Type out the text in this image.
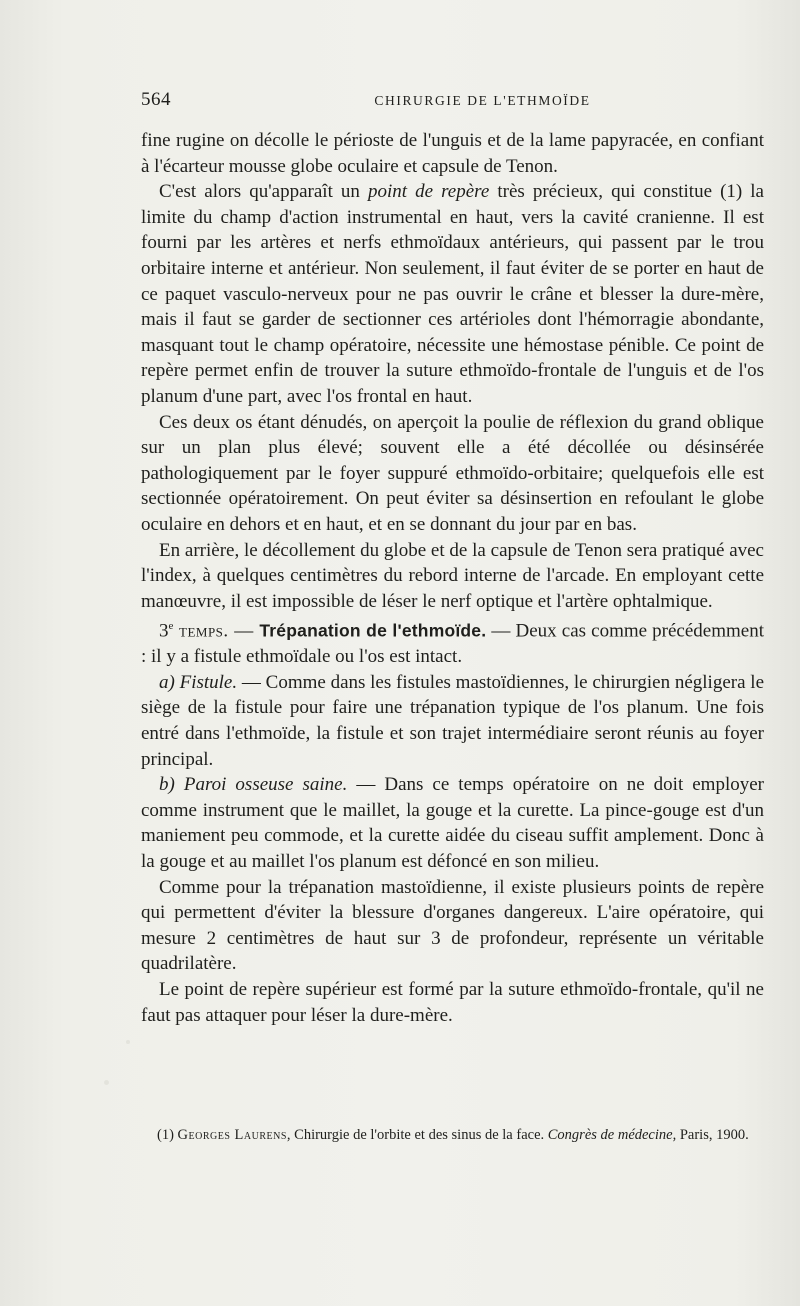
564	CHIRURGIE DE L'ETHMOÏDE

fine rugine on décolle le périoste de l'unguis et de la lame papyracée, en confiant à l'écarteur mousse globe oculaire et capsule de Tenon.

C'est alors qu'apparaît un point de repère très précieux, qui constitue (1) la limite du champ d'action instrumental en haut, vers la cavité cranienne. Il est fourni par les artères et nerfs ethmoïdaux antérieurs, qui passent par le trou orbitaire interne et antérieur. Non seulement, il faut éviter de se porter en haut de ce paquet vasculo-nerveux pour ne pas ouvrir le crâne et blesser la dure-mère, mais il faut se garder de sectionner ces artérioles dont l'hémorragie abondante, masquant tout le champ opératoire, nécessite une hémostase pénible. Ce point de repère permet enfin de trouver la suture ethmoïdo-frontale de l'unguis et de l'os planum d'une part, avec l'os frontal en haut.

Ces deux os étant dénudés, on aperçoit la poulie de réflexion du grand oblique sur un plan plus élevé; souvent elle a été décollée ou désinsérée pathologiquement par le foyer suppuré ethmoïdo-orbitaire; quelquefois elle est sectionnée opératoirement. On peut éviter sa désinsertion en refoulant le globe oculaire en dehors et en haut, et en se donnant du jour par en bas.

En arrière, le décollement du globe et de la capsule de Tenon sera pratiqué avec l'index, à quelques centimètres du rebord interne de l'arcade. En employant cette manœuvre, il est impossible de léser le nerf optique et l'artère ophtalmique.

3e temps. — Trépanation de l'ethmoïde. — Deux cas comme précédemment : il y a fistule ethmoïdale ou l'os est intact.

a) Fistule. — Comme dans les fistules mastoïdiennes, le chirurgien négligera le siège de la fistule pour faire une trépanation typique de l'os planum. Une fois entré dans l'ethmoïde, la fistule et son trajet intermédiaire seront réunis au foyer principal.

b) Paroi osseuse saine. — Dans ce temps opératoire on ne doit employer comme instrument que le maillet, la gouge et la curette. La pince-gouge est d'un maniement peu commode, et la curette aidée du ciseau suffit amplement. Donc à la gouge et au maillet l'os planum est défoncé en son milieu.

Comme pour la trépanation mastoïdienne, il existe plusieurs points de repère qui permettent d'éviter la blessure d'organes dangereux. L'aire opératoire, qui mesure 2 centimètres de haut sur 3 de profondeur, représente un véritable quadrilatère.

Le point de repère supérieur est formé par la suture ethmoïdo-frontale, qu'il ne faut pas attaquer pour léser la dure-mère.

(1) Georges Laurens, Chirurgie de l'orbite et des sinus de la face. Congrès de médecine, Paris, 1900.
